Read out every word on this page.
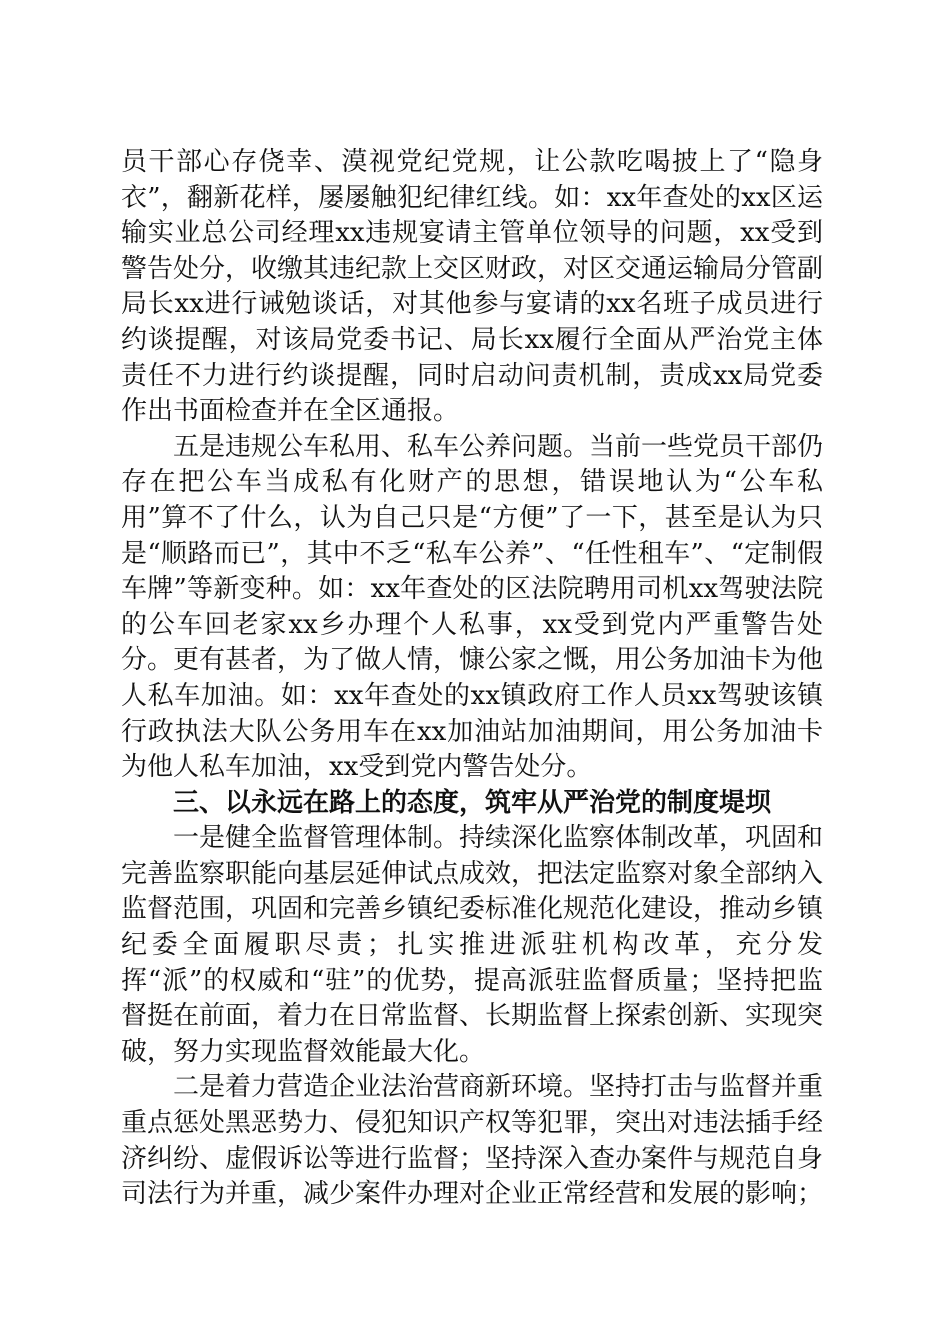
员干部心存侥幸、漠视党纪党规，让公款吃喝披上了“隐身衣”，翻新花样，屡屡触犯纪律红线。如：xx年查处的xx区运输实业总公司经理xx违规宴请主管单位领导的问题，xx受到警告处分，收缴其违纪款上交区财政，对区交通运输局分管副局长xx进行诫勉谈话，对其他参与宴请的xx名班子成员进行约谈提醒，对该局党委书记、局长xx履行全面从严治党主体责任不力进行约谈提醒，同时启动问责机制，责成xx局党委作出书面检查并在全区通报。

五是违规公车私用、私车公养问题。当前一些党员干部仍存在把公车当成私有化财产的思想，错误地认为“公车私用”算不了什么，认为自己只是“方便”了一下，甚至是认为只是“顺路而已”，其中不乏“私车公养”、“任性租车”、“定制假车牌”等新变种。如：xx年查处的区法院聘用司机xx驾驶法院的公车回老家xx乡办理个人私事，xx受到党内严重警告处分。更有甚者，为了做人情，慷公家之慨，用公务加油卡为他人私车加油。如：xx年查处的xx镇政府工作人员xx驾驶该镇行政执法大队公务用车在xx加油站加油期间，用公务加油卡为他人私车加油，xx受到党内警告处分。

三、以永远在路上的态度，筑牢从严治党的制度堤坝

一是健全监督管理体制。持续深化监察体制改革，巩固和完善监察职能向基层延伸试点成效，把法定监察对象全部纳入监督范围，巩固和完善乡镇纪委标准化规范化建设，推动乡镇纪委全面履职尽责；扎实推进派驻机构改革，充分发挥“派”的权威和“驻”的优势，提高派驻监督质量；坚持把监督挺在前面，着力在日常监督、长期监督上探索创新、实现突破，努力实现监督效能最大化。

二是着力营造企业法治营商新环境。坚持打击与监督并重重点惩处黑恶势力、侵犯知识产权等犯罪，突出对违法插手经济纠纷、虚假诉讼等进行监督；坚持深入查办案件与规范自身司法行为并重，减少案件办理对企业正常经营和发展的影响；
